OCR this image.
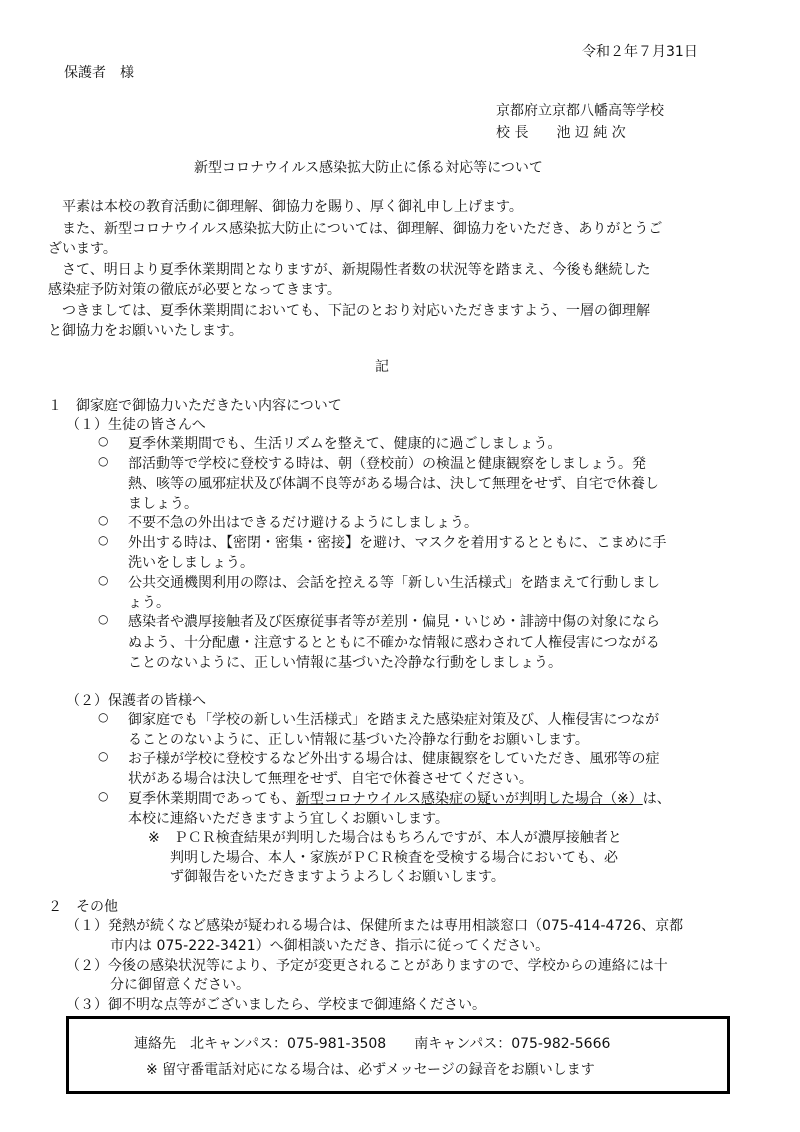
令和２年７月31日
保護者　様
京都府立京都八幡高等学校
校 長　　池 辺 純 次
新型コロナウイルス感染拡大防止に係る対応等について
　平素は本校の教育活動に御理解、御協力を賜り、厚く御礼申し上げます。
　また、新型コロナウイルス感染拡大防止については、御理解、御協力をいただき、ありがとうご
ざいます。
　さて、明日より夏季休業期間となりますが、新規陽性者数の状況等を踏まえ、今後も継続した
感染症予防対策の徹底が必要となってきます。
　つきましては、夏季休業期間においても、下記のとおり対応いただきますよう、一層の御理解
と御協力をお願いいたします。
記
１　御家庭で御協力いただきたい内容について
（１）生徒の皆さんへ
○ 夏季休業期間でも、生活リズムを整えて、健康的に過ごしましょう。
○ 部活動等で学校に登校する時は、朝（登校前）の検温と健康観察をしましょう。発
熱、咳等の風邪症状及び体調不良等がある場合は、決して無理をせず、自宅で休養し
ましょう。
○ 不要不急の外出はできるだけ避けるようにしましょう。
○ 外出する時は、【密閉・密集・密接】を避け、マスクを着用するとともに、こまめに手
洗いをしましょう。
○ 公共交通機関利用の際は、会話を控える等「新しい生活様式」を踏まえて行動しまし
ょう。
○ 感染者や濃厚接触者及び医療従事者等が差別・偏見・いじめ・誹謗中傷の対象になら
ぬよう、十分配慮・注意するとともに不確かな情報に惑わされて人権侵害につながる
ことのないように、正しい情報に基づいた冷静な行動をしましょう。
（２）保護者の皆様へ
○ 御家庭でも「学校の新しい生活様式」を踏まえた感染症対策及び、人権侵害につなが
ることのないように、正しい情報に基づいた冷静な行動をお願いします。
○ お子様が学校に登校するなど外出する場合は、健康観察をしていただき、風邪等の症
状がある場合は決して無理をせず、自宅で休養させてください。
○ 夏季休業期間であっても、新型コロナウイルス感染症の疑いが判明した場合（※）は、
本校に連絡いただきますよう宜しくお願いします。
※　ＰＣＲ検査結果が判明した場合はもちろんですが、本人が濃厚接触者と
判明した場合、本人・家族がＰＣＲ検査を受検する場合においても、必
ず御報告をいただきますようよろしくお願いします。
２　その他
（１）発熱が続くなど感染が疑われる場合は、保健所または専用相談窓口（075-414-4726、京都
市内は 075-222-3421）へ御相談いただき、指示に従ってください。
（２）今後の感染状況等により、予定が変更されることがありますので、学校からの連絡には十
分に御留意ください。
（３）御不明な点等がございましたら、学校まで御連絡ください。
連絡先　北キャンパス：075-981-3508　　南キャンパス：075-982-5666
※ 留守番電話対応になる場合は、必ずメッセージの録音をお願いします
